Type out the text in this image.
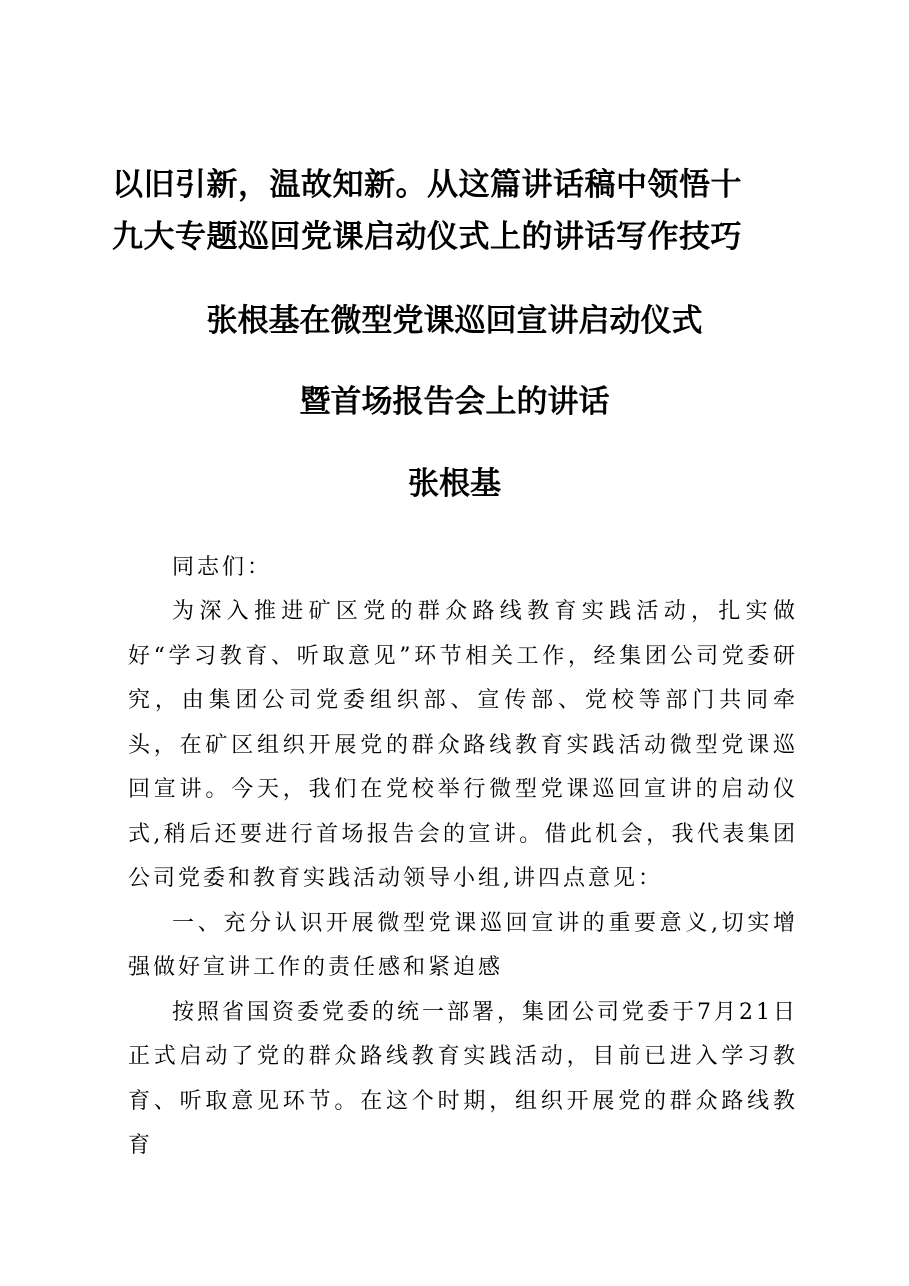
以旧引新，温故知新。从这篇讲话稿中领悟十
九大专题巡回党课启动仪式上的讲话写作技巧
张根基在微型党课巡回宣讲启动仪式
暨首场报告会上的讲话
张根基
同志们：

为深入推进矿区党的群众路线教育实践活动，扎实做好“学习教育、听取意见”环节相关工作，经集团公司党委研究，由集团公司党委组织部、宣传部、党校等部门共同牵头，在矿区组织开展党的群众路线教育实践活动微型党课巡回宣讲。今天，我们在党校举行微型党课巡回宣讲的启动仪式,稍后还要进行首场报告会的宣讲。借此机会，我代表集团公司党委和教育实践活动领导小组,讲四点意见：

一、充分认识开展微型党课巡回宣讲的重要意义,切实增强做好宣讲工作的责任感和紧迫感

按照省国资委党委的统一部署，集团公司党委于7月21日正式启动了党的群众路线教育实践活动，目前已进入学习教育、听取意见环节。在这个时期，组织开展党的群众路线教育
